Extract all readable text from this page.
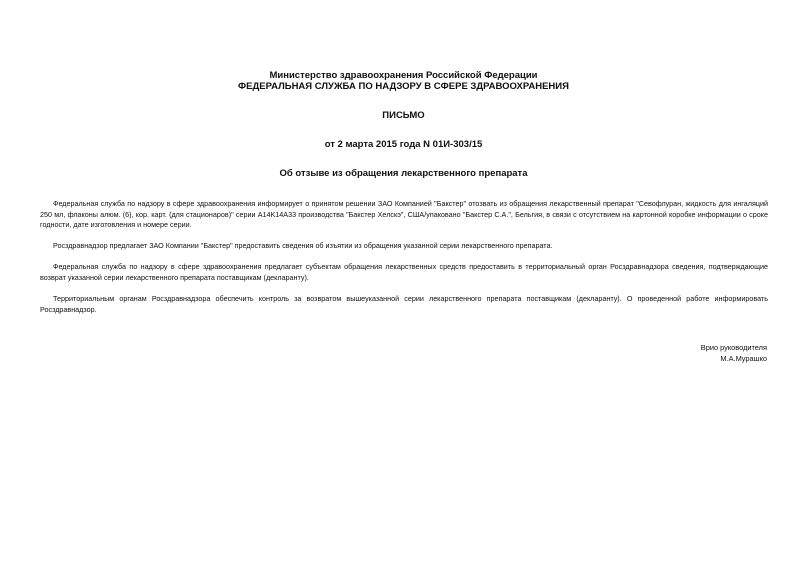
Министерство здравоохранения Российской Федерации
ФЕДЕРАЛЬНАЯ СЛУЖБА ПО НАДЗОРУ В СФЕРЕ ЗДРАВООХРАНЕНИЯ
ПИСЬМО
от 2 марта 2015 года N 01И-303/15
Об отзыве из обращения лекарственного препарата

Федеральная служба по надзору в сфере здравоохранения информирует о принятом решении ЗАО Компанией "Бакстер" отозвать из обращения лекарственный препарат "Севофлуран, жидкость для ингаляций 250 мл, флаконы алюм. (6), кор. карт. (для стационаров)" серии A14K14A33 производства "Бакстер Хелскэ", США/упаковано "Бакстер С.А.", Бельгия, в связи с отсутствием на картонной коробке информации о сроке годности, дате изготовления и номере серии.

Росздравнадзор предлагает ЗАО Компании "Бакстер" предоставить сведения об изъятии из обращения указанной серии лекарственного препарата.

Федеральная служба по надзору в сфере здравоохранения предлагает субъектам обращения лекарственных средств предоставить в территориальный орган Росздравнадзора сведения, подтверждающие возврат указанной серии лекарственного препарата поставщикам (декларанту).

Территориальным органам Росздравнадзора обеспечить контроль за возвратом вышеуказанной серии лекарственного препарата поставщикам (декларанту). О проведенной работе информировать Росздравнадзор.

Врио руководителя
М.А.Мурашко
